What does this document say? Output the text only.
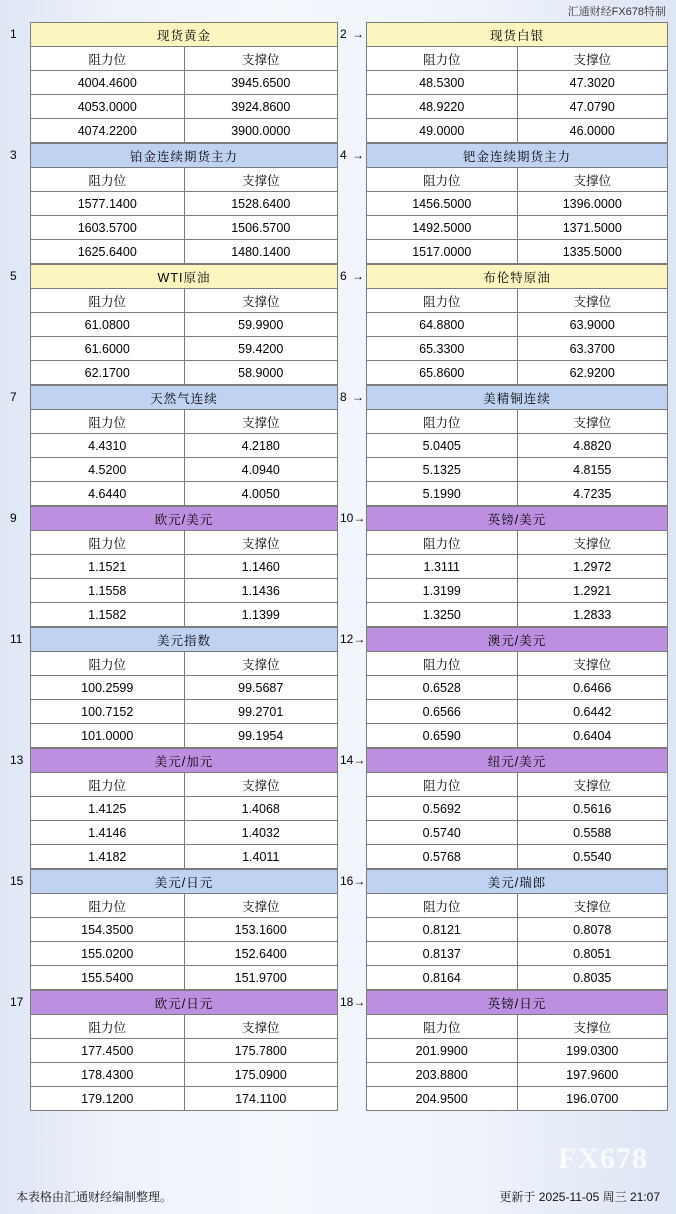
汇通财经FX678特制
1	现货黄金	
阻力位	支撑位
4004.4600	3945.6500
4053.0000	3924.8600
4074.2200	3900.0000
2 →	现货白银	
阻力位	支撑位
48.5300	47.3020
48.9220	47.0790
49.0000	46.0000
3	铂金连续期货主力	
阻力位	支撑位
1577.1400	1528.6400
1603.5700	1506.5700
1625.6400	1480.1400
4 →	钯金连续期货主力	
阻力位	支撑位
1456.5000	1396.0000
1492.5000	1371.5000
1517.0000	1335.5000
5	WTI原油	
阻力位	支撑位
61.0800	59.9900
61.6000	59.4200
62.1700	58.9000
6 →	布伦特原油	
阻力位	支撑位
64.8800	63.9000
65.3300	63.3700
65.8600	62.9200
7	天然气连续	
阻力位	支撑位
4.4310	4.2180
4.5200	4.0940
4.6440	4.0050
8 →	美精铜连续	
阻力位	支撑位
5.0405	4.8820
5.1325	4.8155
5.1990	4.7235
9	欧元/美元	
阻力位	支撑位
1.1521	1.1460
1.1558	1.1436
1.1582	1.1399
10 →	英镑/美元	
阻力位	支撑位
1.3111	1.2972
1.3199	1.2921
1.3250	1.2833
11	美元指数	
阻力位	支撑位
100.2599	99.5687
100.7152	99.2701
101.0000	99.1954
12 →	澳元/美元	
阻力位	支撑位
0.6528	0.6466
0.6566	0.6442
0.6590	0.6404
13	美元/加元	
阻力位	支撑位
1.4125	1.4068
1.4146	1.4032
1.4182	1.4011
14 →	纽元/美元	
阻力位	支撑位
0.5692	0.5616
0.5740	0.5588
0.5768	0.5540
15	美元/日元	
阻力位	支撑位
154.3500	153.1600
155.0200	152.6400
155.5400	151.9700
16 →	美元/瑞郎	
阻力位	支撑位
0.8121	0.8078
0.8137	0.8051
0.8164	0.8035
17	欧元/日元	
阻力位	支撑位
177.4500	175.7800
178.4300	175.0900
179.1200	174.1100
18 →	英镑/日元	
阻力位	支撑位
201.9900	199.0300
203.8800	197.9600
204.9500	196.0700
FX678
本表格由汇通财经编制整理。	更新于 2025-11-05 周三 21:07
